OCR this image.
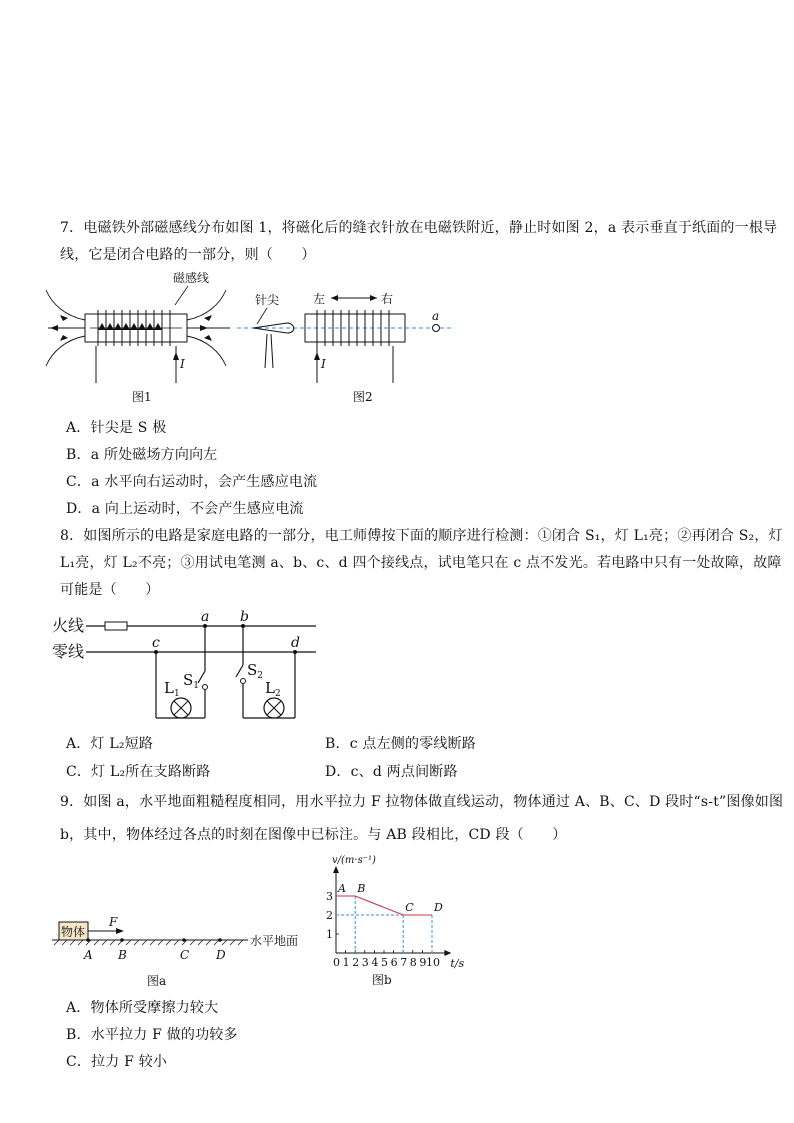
7．电磁铁外部磁感线分布如图 1，将磁化后的缝衣针放在电磁铁附近，静止时如图 2，a 表示垂直于纸面的一根导
线，它是闭合电路的一部分，则（　　）
磁感线
I
图1
左	右
针尖
a
I
图2
A．针尖是 S 极
B．a 所处磁场方向向左
C．a 水平向右运动时，会产生感应电流
D．a 向上运动时，不会产生感应电流
8．如图所示的电路是家庭电路的一部分，电工师傅按下面的顺序进行检测：①闭合 S₁，灯 L₁亮；②再闭合 S₂，灯
L₁亮，灯 L₂不亮；③用试电笔测 a、b、c、d 四个接线点，试电笔只在 c 点不发光。若电路中只有一处故障，故障
可能是（　　）
火线
零线
a b
c	d
$L_1$
$S_1$
$S_2$
$L_2$
A．灯 L₂短路	B．c 点左侧的零线断路
C．灯 L₂所在支路断路	D．c、d 两点间断路
9．如图 a，水平地面粗糙程度相同，用水平拉力 F 拉物体做直线运动，物体通过 A、B、C、D 段时“s-t”图像如图
b，其中，物体经过各点的时刻在图像中已标注。与 AB 段相比，CD 段（　　）
物体
F
A B	C D
水平地面
图a
v/(m·s⁻¹)
t/s
0 1 2 3 4 5 6 7 8 9 10
1
2
3
A B
C D
图b
A．物体所受摩擦力较大
B．水平拉力 F 做的功较多
C．拉力 F 较小
